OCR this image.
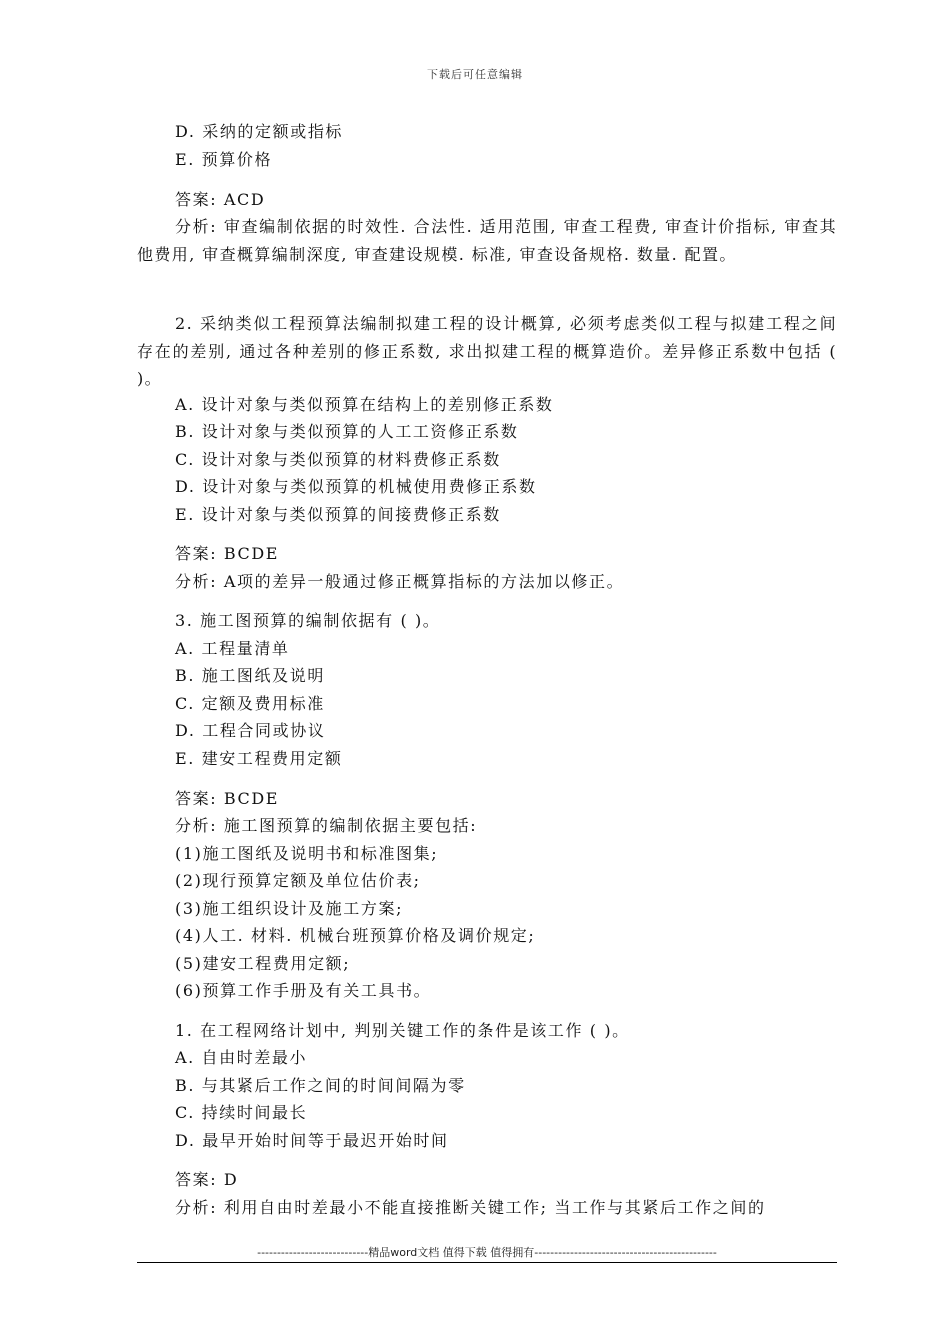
下载后可任意编辑
D. 采纳的定额或指标
E. 预算价格
答案: ACD
分析: 审查编制依据的时效性. 合法性. 适用范围, 审查工程费, 审查计价指标, 审查其他费用, 审查概算编制深度, 审查建设规模. 标准, 审查设备规格. 数量. 配置。
2. 采纳类似工程预算法编制拟建工程的设计概算, 必须考虑类似工程与拟建工程之间存在的差别, 通过各种差别的修正系数, 求出拟建工程的概算造价。差异修正系数中包括 ( )。
A. 设计对象与类似预算在结构上的差别修正系数
B. 设计对象与类似预算的人工工资修正系数
C. 设计对象与类似预算的材料费修正系数
D. 设计对象与类似预算的机械使用费修正系数
E. 设计对象与类似预算的间接费修正系数
答案: BCDE
分析: A项的差异一般通过修正概算指标的方法加以修正。
3. 施工图预算的编制依据有 ( )。
A. 工程量清单
B. 施工图纸及说明
C. 定额及费用标准
D. 工程合同或协议
E. 建安工程费用定额
答案: BCDE
分析: 施工图预算的编制依据主要包括:
(1)施工图纸及说明书和标准图集;
(2)现行预算定额及单位估价表;
(3)施工组织设计及施工方案;
(4)人工. 材料. 机械台班预算价格及调价规定;
(5)建安工程费用定额;
(6)预算工作手册及有关工具书。
1. 在工程网络计划中, 判别关键工作的条件是该工作 ( )。
A. 自由时差最小
B. 与其紧后工作之间的时间间隔为零
C. 持续时间最长
D. 最早开始时间等于最迟开始时间
答案: D
分析: 利用自由时差最小不能直接推断关键工作; 当工作与其紧后工作之间的
----------------------------精品word文档 值得下载 值得拥有----------------------------------------------
